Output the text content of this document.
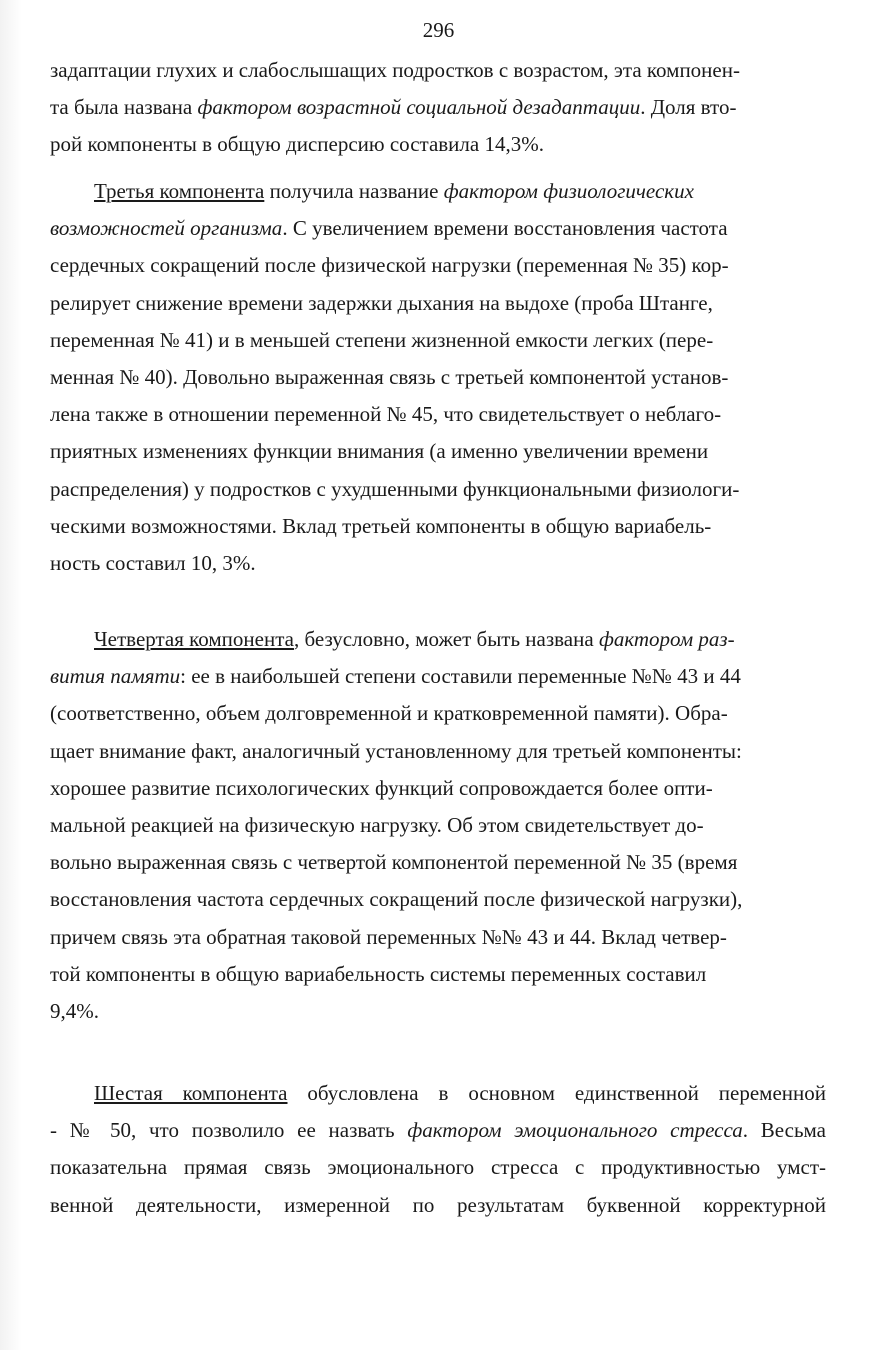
296
задаптации глухих и слабослышащих подростков с возрастом, эта компонен-
та была названа фактором возрастной социальной дезадаптации. Доля вто-
рой компоненты в общую дисперсию составила 14,3%.
Третья компонента получила название фактором физиологических
возможностей организма. С увеличением времени восстановления частота
сердечных сокращений после физической нагрузки (переменная № 35) кор-
релирует снижение времени задержки дыхания на выдохе (проба Штанге,
переменная № 41) и в меньшей степени жизненной емкости легких (пере-
менная № 40). Довольно выраженная связь с третьей компонентой установ-
лена также в отношении переменной № 45, что свидетельствует о неблаго-
приятных изменениях функции внимания (а именно увеличении времени
распределения) у подростков с ухудшенными функциональными физиологи-
ческими возможностями. Вклад третьей компоненты в общую вариабель-
ность составил 10, 3%.
Четвертая компонента, безусловно, может быть названа фактором раз-
вития памяти: ее в наибольшей степени составили переменные №№ 43 и 44
(соответственно, объем долговременной и кратковременной памяти). Обра-
щает внимание факт, аналогичный установленному для третьей компоненты:
хорошее развитие психологических функций сопровождается более опти-
мальной реакцией на физическую нагрузку. Об этом свидетельствует до-
вольно выраженная связь с четвертой компонентой переменной № 35 (время
восстановления частота сердечных сокращений после физической нагрузки),
причем связь эта обратная таковой переменных №№ 43 и 44. Вклад четвер-
той компоненты в общую вариабельность системы переменных составил
9,4%.
Шестая компонента обусловлена в основном единственной переменной
- № 50, что позволило ее назвать фактором эмоционального стресса. Весьма
показательна прямая связь эмоционального стресса с продуктивностью умст-
венной деятельности, измеренной по результатам буквенной корректурной
